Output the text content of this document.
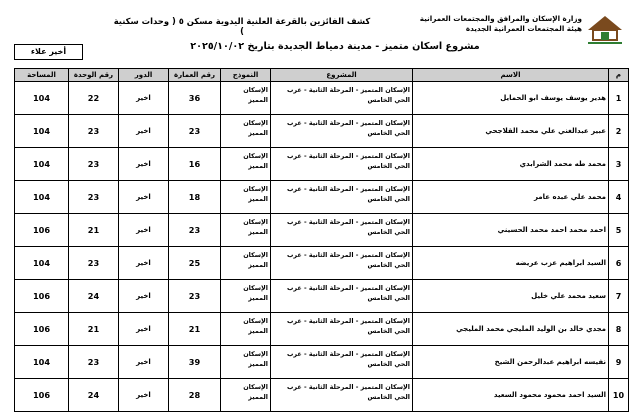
وزارة الإسكان والمرافق والمجتمعات العمرانية
هيئة المجتمعات العمرانية الجديدة
كشف الفائزين بالقرعة العلنية اليدوية مسكن ٥ ( وحدات سكنية )
مشروع اسكان متميز - مدينة دمياط الجديدة بتاريخ ٢٠٢٥/١٠/٠٢
أخير علاء
م	الاسم	المشروع	النموذج	رقم العمارة	الدور	رقم الوحدة	المساحة
1	هدير يوسف يوسف ابو الحمايل	الإسكان المتميز - المرحلة الثانية - غرب الحي الخامس	الإسكان المميز	36	اخير	22	104
2	عبير عبدالغني علي محمد القلاجحي	الإسكان المتميز - المرحلة الثانية - غرب الحي الخامس	الإسكان المميز	23	اخير	23	104
3	محمد طه محمد الشرابدي	الإسكان المتميز - المرحلة الثانية - غرب الحي الخامس	الإسكان المميز	16	اخير	23	104
4	محمد علي عبده عامر	الإسكان المتميز - المرحلة الثانية - غرب الحي الخامس	الإسكان المميز	18	اخير	23	104
5	احمد محمد احمد محمد الحسيني	الإسكان المتميز - المرحلة الثانية - غرب الحي الخامس	الإسكان المميز	23	اخير	21	106
6	السيد ابراهيم عزب عريضه	الإسكان المتميز - المرحلة الثانية - غرب الحي الخامس	الإسكان المميز	25	اخير	23	104
7	سعيد محمد علي خليل	الإسكان المتميز - المرحلة الثانية - غرب الحي الخامس	الإسكان المميز	23	اخير	24	106
8	مجدي خالد بن الوليد المليجي محمد المليجي	الإسكان المتميز - المرحلة الثانية - غرب الحي الخامس	الإسكان المميز	21	اخير	21	106
9	نفيسه ابراهيم عبدالرحمن الشيخ	الإسكان المتميز - المرحلة الثانية - غرب الحي الخامس	الإسكان المميز	39	اخير	23	104
10	السيد احمد محمود محمود السعيد	الإسكان المتميز - المرحلة الثانية - غرب الحي الخامس	الإسكان المميز	28	اخير	24	106
